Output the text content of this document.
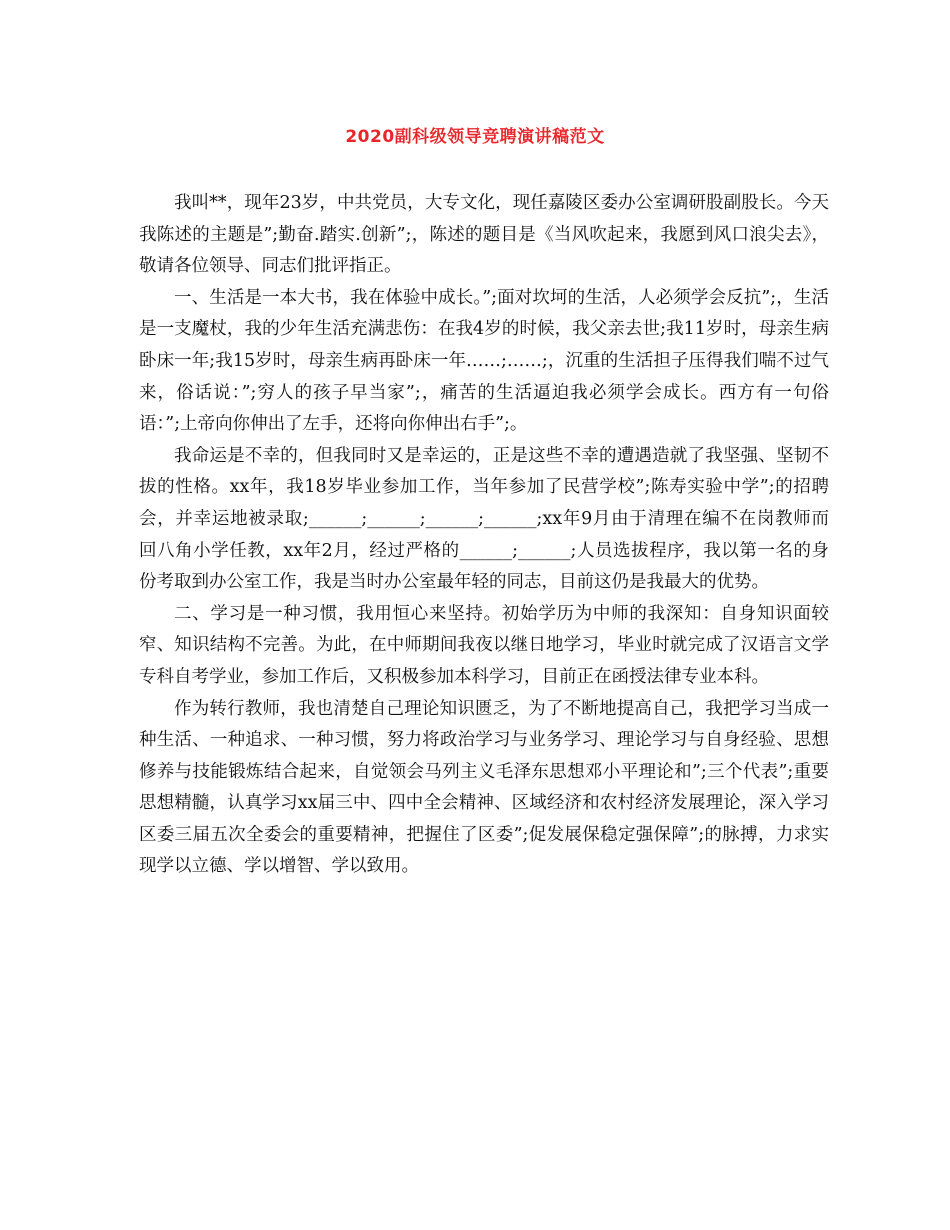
2020副科级领导竞聘演讲稿范文

我叫**，现年23岁，中共党员，大专文化，现任嘉陵区委办公室调研股副股长。今天我陈述的主题是”;勤奋.踏实.创新”;，陈述的题目是《当风吹起来，我愿到风口浪尖去》，敬请各位领导、同志们批评指正。

一、生活是一本大书，我在体验中成长。”;面对坎坷的生活，人必须学会反抗”;，生活是一支魔杖，我的少年生活充满悲伤：在我4岁的时候，我父亲去世;我11岁时，母亲生病卧床一年;我15岁时，母亲生病再卧床一年……;……;，沉重的生活担子压得我们喘不过气来，俗话说：”;穷人的孩子早当家”;，痛苦的生活逼迫我必须学会成长。西方有一句俗语：”;上帝向你伸出了左手，还将向你伸出右手”;。

我命运是不幸的，但我同时又是幸运的，正是这些不幸的遭遇造就了我坚强、坚韧不拔的性格。xx年，我18岁毕业参加工作，当年参加了民营学校”;陈寿实验中学”;的招聘会，并幸运地被录取;______;______;______;______;xx年9月由于清理在编不在岗教师而回八角小学任教，xx年2月，经过严格的______;______;人员选拔程序，我以第一名的身份考取到办公室工作，我是当时办公室最年轻的同志，目前这仍是我最大的优势。

二、学习是一种习惯，我用恒心来坚持。初始学历为中师的我深知：自身知识面较窄、知识结构不完善。为此，在中师期间我夜以继日地学习，毕业时就完成了汉语言文学专科自考学业，参加工作后，又积极参加本科学习，目前正在函授法律专业本科。

作为转行教师，我也清楚自己理论知识匮乏，为了不断地提高自己，我把学习当成一种生活、一种追求、一种习惯，努力将政治学习与业务学习、理论学习与自身经验、思想修养与技能锻炼结合起来，自觉领会马列主义毛泽东思想邓小平理论和”;三个代表”;重要思想精髓，认真学习xx届三中、四中全会精神、区域经济和农村经济发展理论，深入学习区委三届五次全委会的重要精神，把握住了区委”;促发展保稳定强保障”;的脉搏，力求实现学以立德、学以增智、学以致用。
